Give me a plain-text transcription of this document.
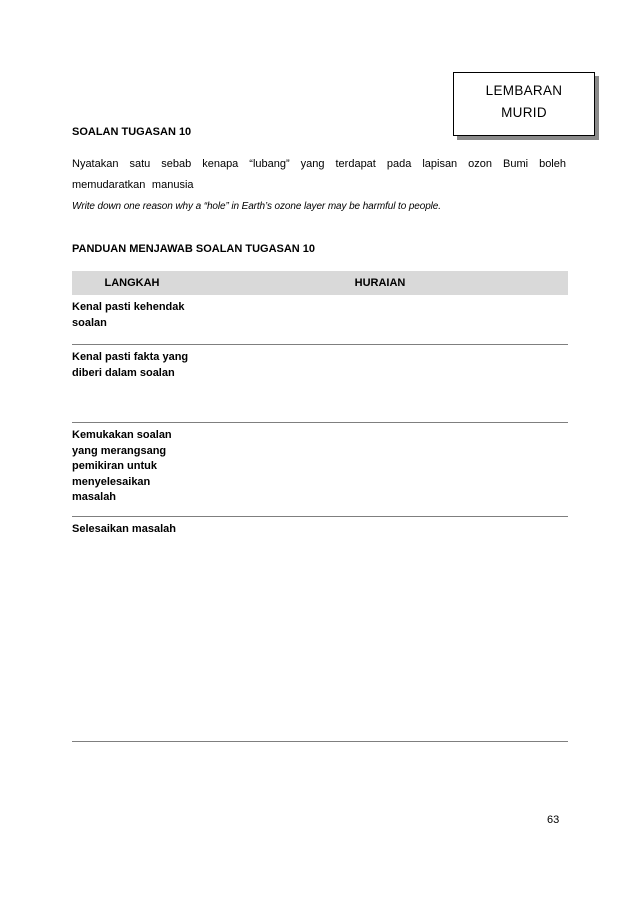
LEMBARAN
MURID
SOALAN TUGASAN 10
Nyatakan satu sebab kenapa “lubang” yang terdapat pada lapisan ozon Bumi boleh memudaratkan manusia
Write down one reason why a “hole” in Earth’s ozone layer may be harmful to people.
PANDUAN MENJAWAB SOALAN TUGASAN 10
LANGKAH	HURAIAN
Kenal pasti kehendak soalan
Kenal pasti fakta yang diberi dalam soalan
Kemukakan soalan yang merangsang pemikiran untuk menyelesaikan masalah
Selesaikan masalah
63
